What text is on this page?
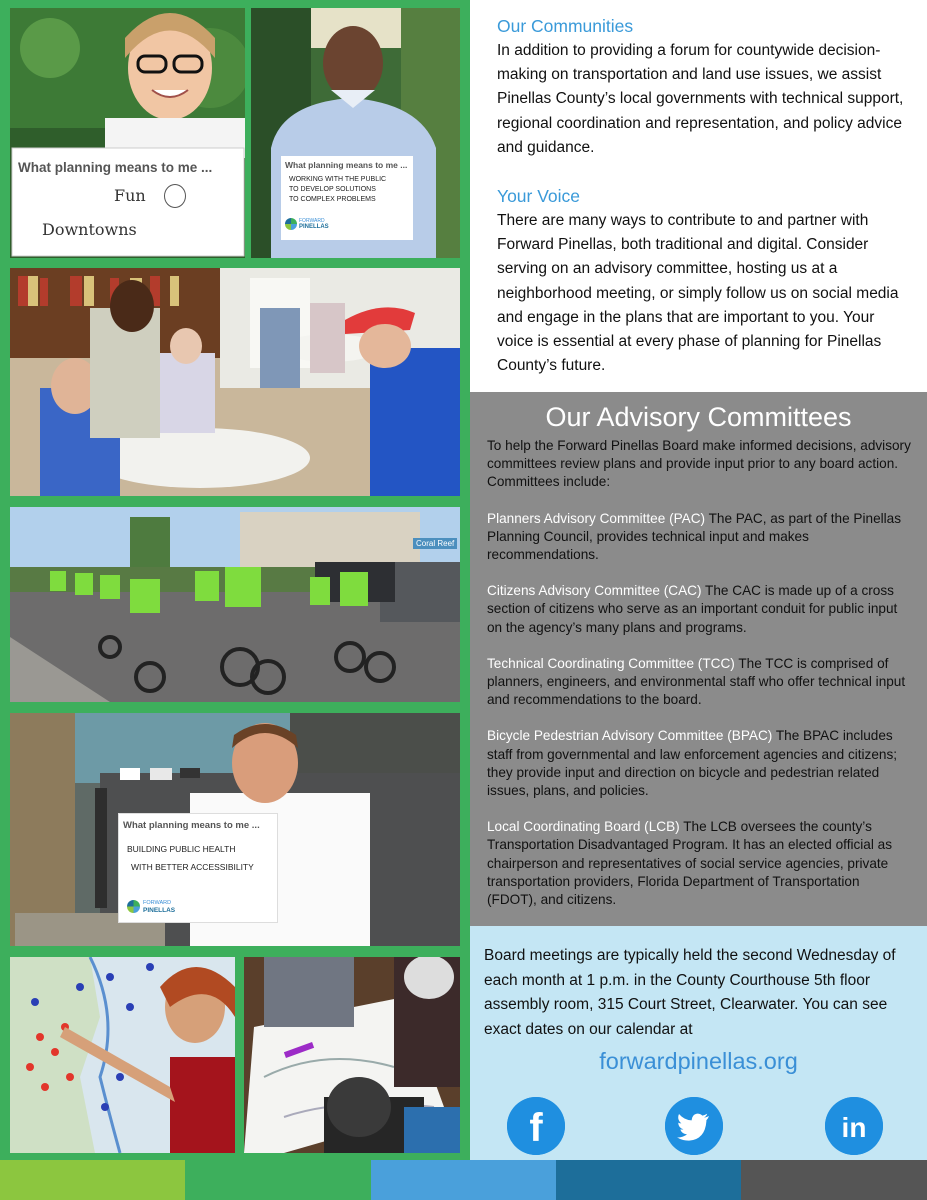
What planning means to me ...
Fun
Downtowns
What planning means to me ...
WORKING WITH THE PUBLIC
TO DEVELOP SOLUTIONS
TO COMPLEX PROBLEMS
FORWARD
PINELLAS
Coral Reef
What planning means to me ...
BUILDING PUBLIC HEALTH
WITH BETTER ACCESSIBILITY
FORWARD
PINELLAS
Our Communities

In addition to providing a forum for countywide decision-making on transportation and land use issues, we assist Pinellas County’s local governments with technical support, regional coordination and representation, and policy advice and guidance.

Your Voice

There are many ways to contribute to and partner with Forward Pinellas, both traditional and digital. Consider serving on an advisory committee, hosting us at a neighborhood meeting, or simply follow us on social media and engage in the plans that are important to you. Your voice is essential at every phase of planning for Pinellas County’s future.

Our Advisory Committees

To help the Forward Pinellas Board make informed decisions, advisory committees review plans and provide input prior to any board action. Committees include:

Planners Advisory Committee (PAC) The PAC, as part of the Pinellas Planning Council, provides technical input and makes recommendations.

Citizens Advisory Committee (CAC) The CAC is made up of a cross section of citizens who serve as an important conduit for public input on the agency’s many plans and programs.

Technical Coordinating Committee (TCC) The TCC is comprised of planners, engineers, and environmental staff who offer technical input and recommendations to the board.

Bicycle Pedestrian Advisory Committee (BPAC) The BPAC includes staff from governmental and law enforcement agencies and citizens; they provide input and direction on bicycle and pedestrian related issues, plans, and policies.

Local Coordinating Board (LCB) The LCB oversees the county’s Transportation Disadvantaged Program. It has an elected official as chairperson and representatives of social service agencies, private transportation providers, Florida Department of Transportation (FDOT), and citizens.

Board meetings are typically held the second Wednesday of each month at 1 p.m. in the County Courthouse 5th floor assembly room, 315 Court Street, Clearwater. You can see exact dates on our calendar at

forwardpinellas.org
f	in
